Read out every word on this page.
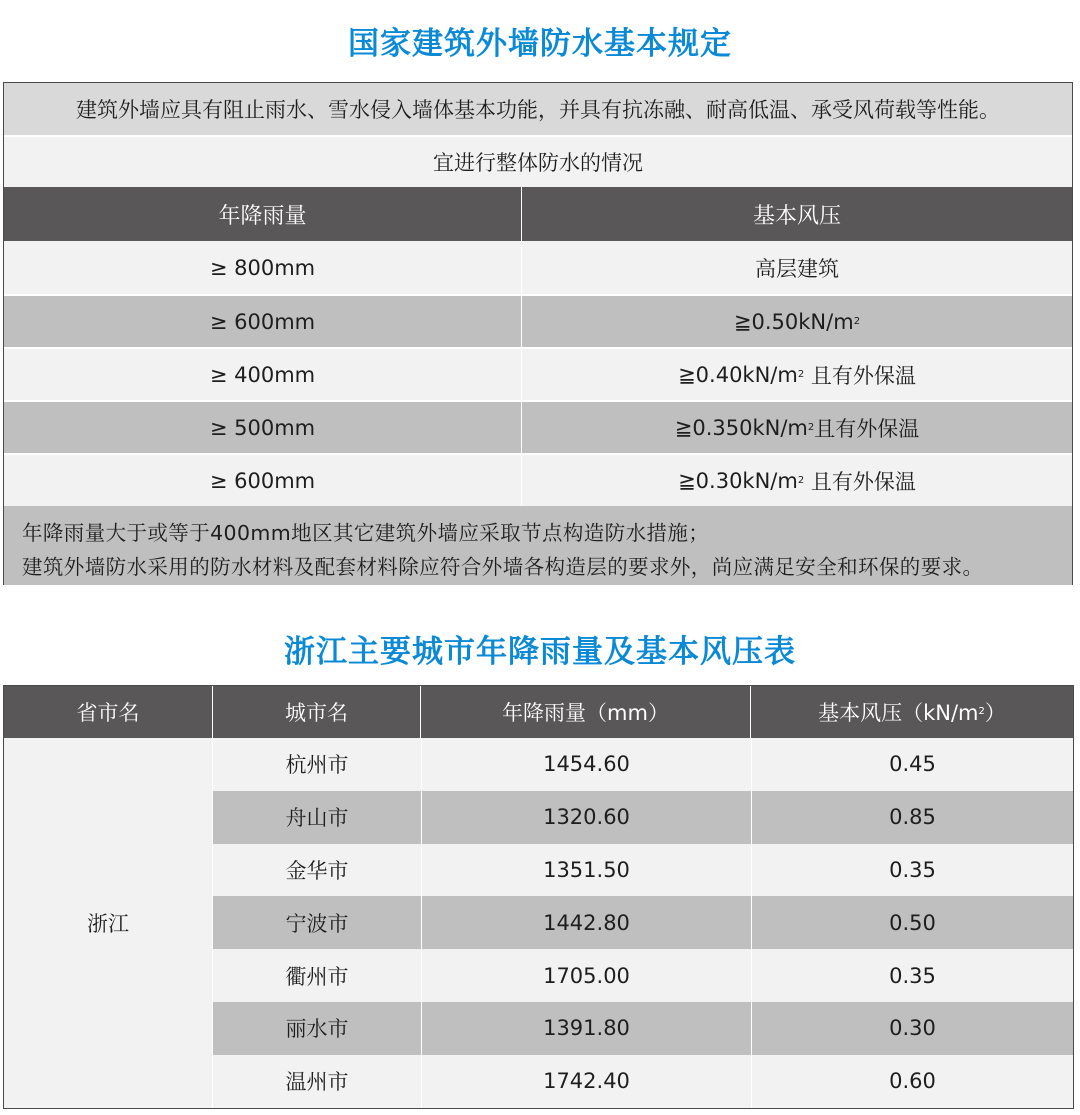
国家建筑外墙防水基本规定
建筑外墙应具有阻止雨水、雪水侵入墙体基本功能，并具有抗冻融、耐高低温、承受风荷载等性能。
宜进行整体防水的情况
年降雨量	基本风压
≥ 800mm	高层建筑
≥ 600mm	≧0.50kN/m 2
≥ 400mm	≧0.40kN/m 2 且有外保温
≥ 500mm	≧0.350kN/m 2 且有外保温
≥ 600mm	≧0.30kN/m 2 且有外保温
年降雨量大于或等于400mm地区其它建筑外墙应采取节点构造防水措施；
建筑外墙防水采用的防水材料及配套材料除应符合外墙各构造层的要求外，尚应满足安全和环保的要求。
浙江主要城市年降雨量及基本风压表
省市名	城市名	年降雨量（mm）	基本风压（kN/m 2 ）
浙江
杭州市	1454.60	0.45
舟山市	1320.60	0.85
金华市	1351.50	0.35
宁波市	1442.80	0.50
衢州市	1705.00	0.35
丽水市	1391.80	0.30
温州市	1742.40	0.60
